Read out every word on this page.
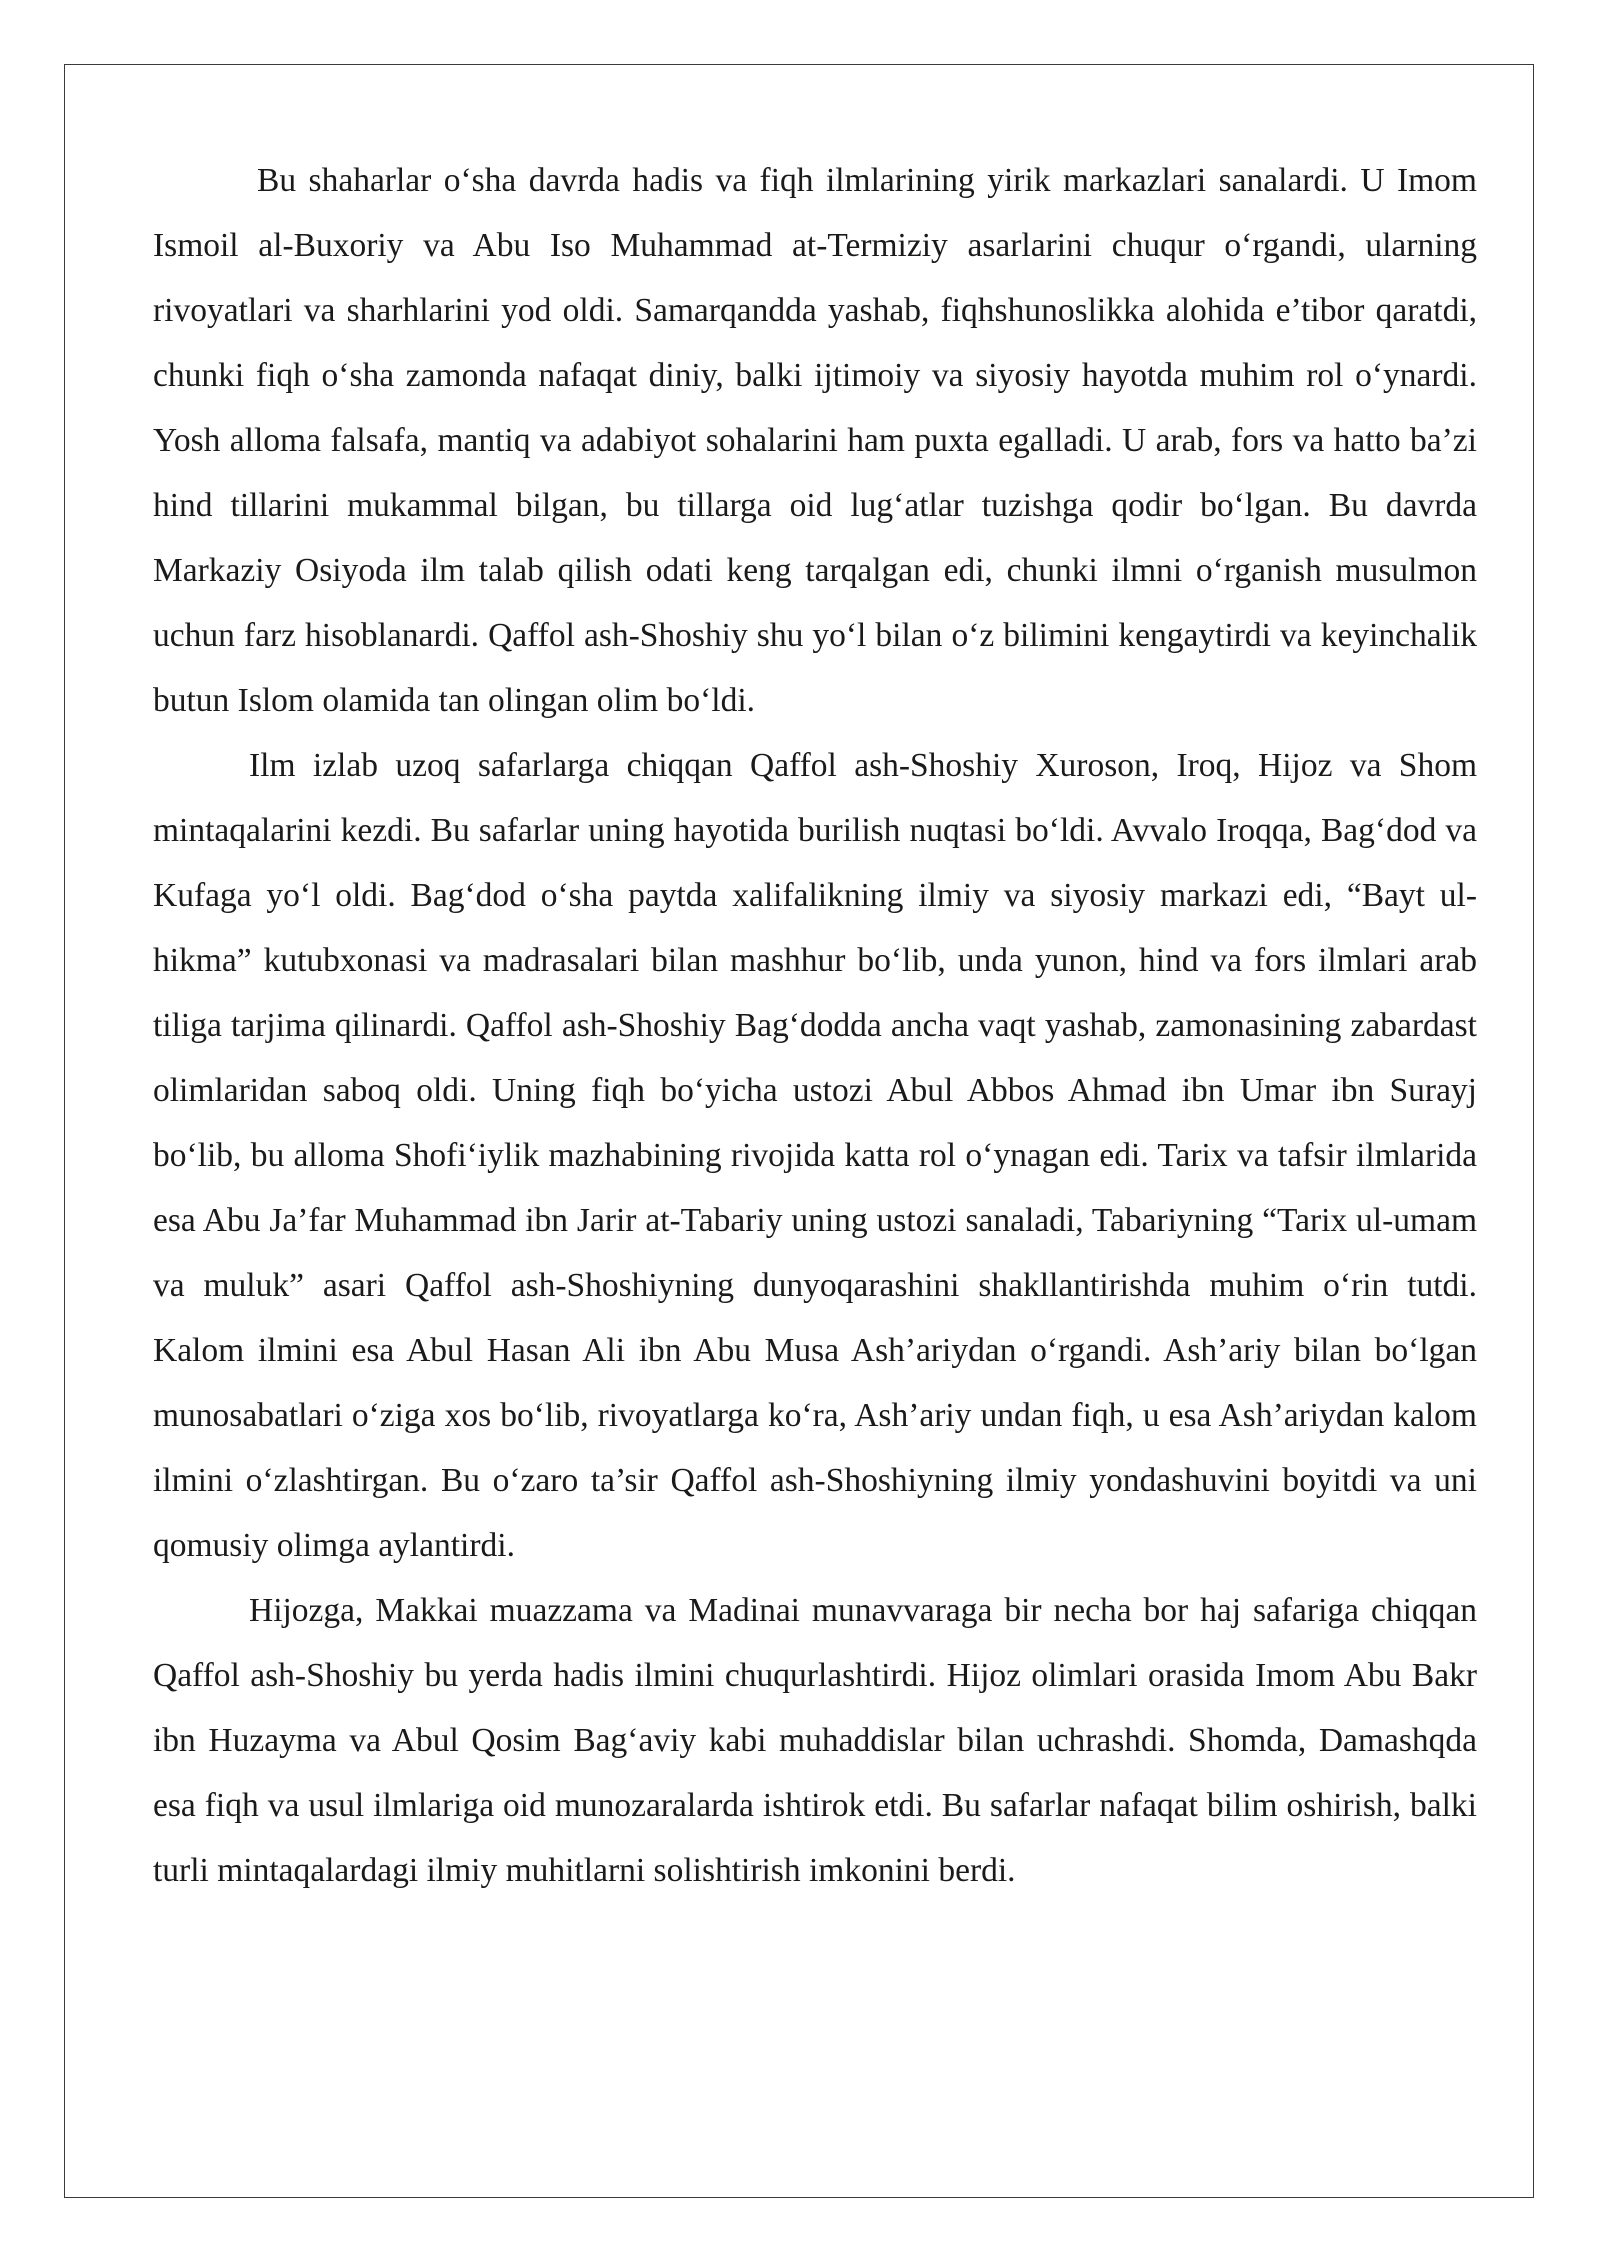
Bu shaharlar o‘sha davrda hadis va fiqh ilmlarining yirik markazlari sanalardi. U Imom Ismoil al-Buxoriy va Abu Iso Muhammad at-Termiziy asarlarini chuqur o‘rgandi, ularning rivoyatlari va sharhlarini yod oldi. Samarqandda yashab, fiqhshunoslikka alohida e’tibor qaratdi, chunki fiqh o‘sha zamonda nafaqat diniy, balki ijtimoiy va siyosiy hayotda muhim rol o‘ynardi. Yosh alloma falsafa, mantiq va adabiyot sohalarini ham puxta egalladi. U arab, fors va hatto ba’zi hind tillarini mukammal bilgan, bu tillarga oid lug‘atlar tuzishga qodir bo‘lgan. Bu davrda Markaziy Osiyoda ilm talab qilish odati keng tarqalgan edi, chunki ilmni o‘rganish musulmon uchun farz hisoblanardi. Qaffol ash-Shoshiy shu yo‘l bilan o‘z bilimini kengaytirdi va keyinchalik butun Islom olamida tan olingan olim bo‘ldi.

Ilm izlab uzoq safarlarga chiqqan Qaffol ash-Shoshiy Xuroson, Iroq, Hijoz va Shom mintaqalarini kezdi. Bu safarlar uning hayotida burilish nuqtasi bo‘ldi. Avvalo Iroqqa, Bag‘dod va Kufaga yo‘l oldi. Bag‘dod o‘sha paytda xalifalikning ilmiy va siyosiy markazi edi, “Bayt ul-hikma” kutubxonasi va madrasalari bilan mashhur bo‘lib, unda yunon, hind va fors ilmlari arab tiliga tarjima qilinardi. Qaffol ash-Shoshiy Bag‘dodda ancha vaqt yashab, zamonasining zabardast olimlaridan saboq oldi. Uning fiqh bo‘yicha ustozi Abul Abbos Ahmad ibn Umar ibn Surayj bo‘lib, bu alloma Shofi‘iylik mazhabining rivojida katta rol o‘ynagan edi. Tarix va tafsir ilmlarida esa Abu Ja’far Muhammad ibn Jarir at-Tabariy uning ustozi sanaladi, Tabariyning “Tarix ul-umam va muluk” asari Qaffol ash-Shoshiyning dunyoqarashini shakllantirishda muhim o‘rin tutdi. Kalom ilmini esa Abul Hasan Ali ibn Abu Musa Ash’ariydan o‘rgandi. Ash’ariy bilan bo‘lgan munosabatlari o‘ziga xos bo‘lib, rivoyatlarga ko‘ra, Ash’ariy undan fiqh, u esa Ash’ariydan kalom ilmini o‘zlashtirgan. Bu o‘zaro ta’sir Qaffol ash-Shoshiyning ilmiy yondashuvini boyitdi va uni qomusiy olimga aylantirdi.

Hijozga, Makkai muazzama va Madinai munavvaraga bir necha bor haj safariga chiqqan Qaffol ash-Shoshiy bu yerda hadis ilmini chuqurlashtirdi. Hijoz olimlari orasida Imom Abu Bakr ibn Huzayma va Abul Qosim Bag‘aviy kabi muhaddislar bilan uchrashdi. Shomda, Damashqda esa fiqh va usul ilmlariga oid munozaralarda ishtirok etdi. Bu safarlar nafaqat bilim oshirish, balki turli mintaqalardagi ilmiy muhitlarni solishtirish imkonini berdi.
